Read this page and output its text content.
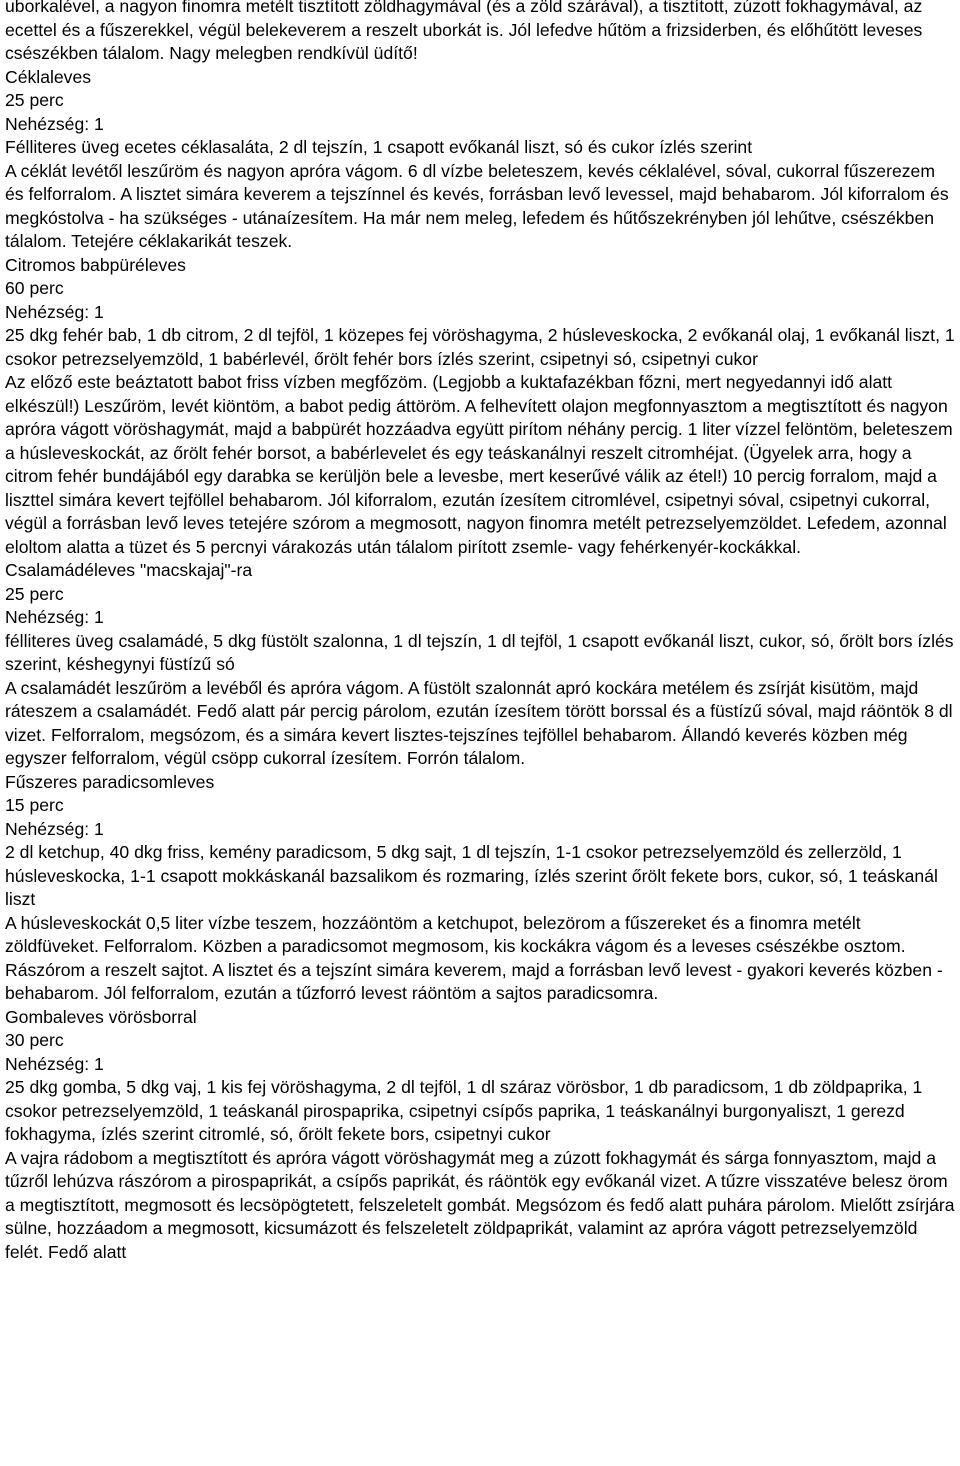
uborkalével, a nagyon finomra metélt tisztított zöldhagymával (és a zöld szárával), a tisztított, zúzott fokhagymával, az ecettel és a fűszerekkel, végül belekeverem a reszelt uborkát is. Jól lefedve hűtöm a frizsiderben, és előhűtött leveses csészékben tálalom. Nagy melegben rendkívül üdítő!
Céklaleves
25 perc
Nehézség: 1
Félliteres üveg ecetes céklasaláta, 2 dl tejszín, 1 csapott evőkanál liszt, só és cukor ízlés szerint
A céklát levétől leszűröm és nagyon apróra vágom. 6 dl vízbe beleteszem, kevés céklalével, sóval, cukorral fűszerezem és felforralom. A lisztet simára keverem a tejszínnel és kevés, forrásban levő levessel, majd behabarom. Jól kiforralom és megkóstolva - ha szükséges - utánaízesítem. Ha már nem meleg, lefedem és hűtőszekrényben jól lehűtve, csészékben tálalom. Tetejére céklakarikát teszek.
Citromos babpüréleves
60 perc
Nehézség: 1
25 dkg fehér bab, 1 db citrom, 2 dl tejföl, 1 közepes fej vöröshagyma, 2 húsleveskocka, 2 evőkanál olaj, 1 evőkanál liszt, 1 csokor petrezselyemzöld, 1 babérlevél, őrölt fehér bors ízlés szerint, csipetnyi só, csipetnyi cukor
Az előző este beáztatott babot friss vízben megfőzöm. (Legjobb a kuktafazékban főzni, mert negyedannyi idő alatt elkészül!) Leszűröm, levét kiöntöm, a babot pedig áttöröm. A felhevített olajon megfonnyasztom a megtisztított és nagyon apróra vágott vöröshagymát, majd a babpürét hozzáadva együtt pirítom néhány percig. 1 liter vízzel felöntöm, beleteszem a húsleveskockát, az őrölt fehér borsot, a babérlevelet és egy teáskanálnyi reszelt citromhéjat. (Ügyelek arra, hogy a citrom fehér bundájából egy darabka se kerüljön bele a levesbe, mert keserűvé válik az étel!) 10 percig forralom, majd a liszttel simára kevert tejföllel behabarom. Jól kiforralom, ezután ízesítem citromlével, csipetnyi sóval, csipetnyi cukorral, végül a forrásban levő leves tetejére szórom a megmosott, nagyon finomra metélt petrezselyemzöldet. Lefedem, azonnal eloltom alatta a tüzet és 5 percnyi várakozás után tálalom pirított zsemle- vagy fehérkenyér-kockákkal.
Csalamádéleves "macskajaj"-ra
25 perc
Nehézség: 1
félliteres üveg csalamádé, 5 dkg füstölt szalonna, 1 dl tejszín, 1 dl tejföl, 1 csapott evőkanál liszt, cukor, só, őrölt bors ízlés szerint, késhegynyi füstízű só
A csalamádét leszűröm a levéből és apróra vágom. A füstölt szalonnát apró kockára metélem és zsírját kisütöm, majd ráteszem a csalamádét. Fedő alatt pár percig párolom, ezután ízesítem törött borssal és a füstízű sóval, majd ráöntök 8 dl vizet. Felforralom, megsózom, és a simára kevert lisztes-tejszínes tejföllel behabarom. Állandó keverés közben még egyszer felforralom, végül csöpp cukorral ízesítem. Forrón tálalom.
Fűszeres paradicsomleves
15 perc
Nehézség: 1
2 dl ketchup, 40 dkg friss, kemény paradicsom, 5 dkg sajt, 1 dl tejszín, 1-1 csokor petrezselyemzöld és zellerzöld, 1 húsleveskocka, 1-1 csapott mokkáskanál bazsalikom és rozmaring, ízlés szerint őrölt fekete bors, cukor, só, 1 teáskanál liszt
A húsleveskockát 0,5 liter vízbe teszem, hozzáöntöm a ketchupot, belezörom a fűszereket és a finomra metélt zöldfüveket. Felforralom. Közben a paradicsomot megmosom, kis kockákra vágom és a leveses csészékbe osztom. Rászórom a reszelt sajtot. A lisztet és a tejszínt simára keverem, majd a forrásban levő levest - gyakori keverés közben - behabarom. Jól felforralom, ezután a tűzforró levest ráöntöm a sajtos paradicsomra.
Gombaleves vörösborral
30 perc
Nehézség: 1
25 dkg gomba, 5 dkg vaj, 1 kis fej vöröshagyma, 2 dl tejföl, 1 dl száraz vörösbor, 1 db paradicsom, 1 db zöldpaprika, 1 csokor petrezselyemzöld, 1 teáskanál pirospaprika, csipetnyi csípős paprika, 1 teáskanálnyi burgonyaliszt, 1 gerezd fokhagyma, ízlés szerint citromlé, só, őrölt fekete bors, csipetnyi cukor
A vajra rádobom a megtisztított és apróra vágott vöröshagymát meg a zúzott fokhagymát és sárga fonnyasztom, majd a tűzről lehúzva rászórom a pirospaprikát, a csípős paprikát, és ráöntök egy evőkanál vizet. A tűzre visszatéve belesz örom a megtisztított, megmosott és lecsöpögtetett, felszeletelt gombát. Megsózom és fedő alatt puhára párolom. Mielőtt zsírjára sülne, hozzáadom a megmosott, kicsumázott és felszeletelt zöldpaprikát, valamint az apróra vágott petrezselyemzöld felét. Fedő alatt
